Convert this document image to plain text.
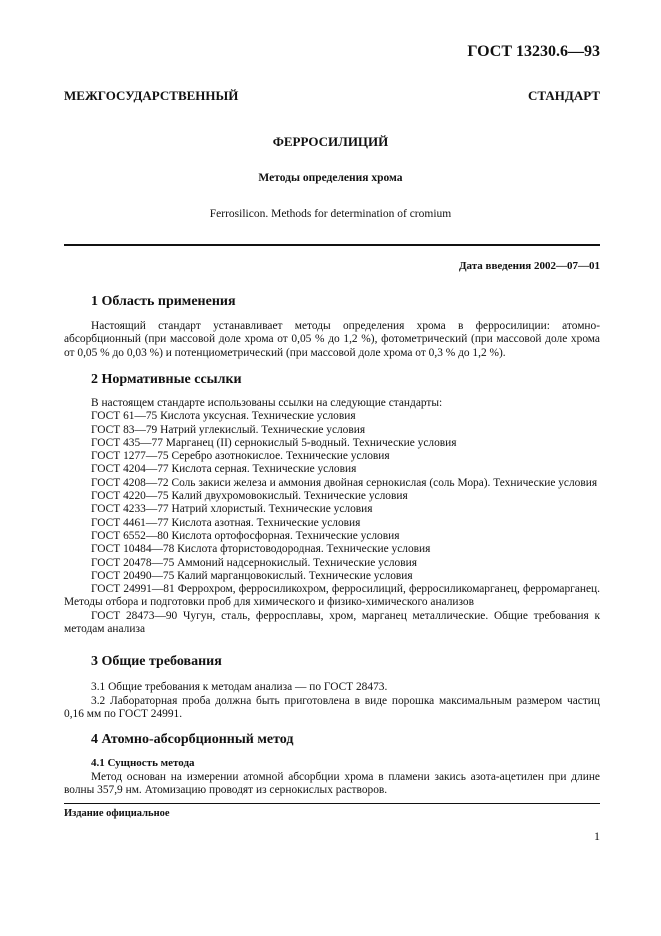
ГОСТ 13230.6—93
МЕЖГОСУДАРСТВЕННЫЙ	СТАНДАРТ
ФЕРРОСИЛИЦИЙ
Методы определения хрома
Ferrosilicon. Methods for determination of cromium
Дата введения 2002—07—01
1 Область применения
Настоящий стандарт устанавливает методы определения хрома в ферросилиции: атомно-абсорбционный (при массовой доле хрома от 0,05 % до 1,2 %), фотометрический (при массовой доле хрома от 0,05 % до 0,03 %) и потенциометрический (при массовой доле хрома от 0,3 % до 1,2 %).
2 Нормативные ссылки
В настоящем стандарте использованы ссылки на следующие стандарты:
ГОСТ 61—75 Кислота уксусная. Технические условия
ГОСТ 83—79 Натрий углекислый. Технические условия
ГОСТ 435—77 Марганец (II) сернокислый 5-водный. Технические условия
ГОСТ 1277—75 Серебро азотнокислое. Технические условия
ГОСТ 4204—77 Кислота серная. Технические условия
ГОСТ 4208—72 Соль закиси железа и аммония двойная сернокислая (соль Мора). Технические условия
ГОСТ 4220—75 Калий двухромовокислый. Технические условия
ГОСТ 4233—77 Натрий хлористый. Технические условия
ГОСТ 4461—77 Кислота азотная. Технические условия
ГОСТ 6552—80 Кислота ортофосфорная. Технические условия
ГОСТ 10484—78 Кислота фтористоводородная. Технические условия
ГОСТ 20478—75 Аммоний надсернокислый. Технические условия
ГОСТ 20490—75 Калий марганцовокислый. Технические условия
ГОСТ 24991—81 Феррохром, ферросиликохром, ферросилиций, ферросиликомарганец, ферромарганец. Методы отбора и подготовки проб для химического и физико-химического анализов
ГОСТ 28473—90 Чугун, сталь, ферросплавы, хром, марганец металлические. Общие требования к методам анализа
3 Общие требования
3.1 Общие требования к методам анализа — по ГОСТ 28473.
3.2 Лабораторная проба должна быть приготовлена в виде порошка максимальным размером частиц 0,16 мм по ГОСТ 24991.
4 Атомно-абсорбционный метод
4.1 Сущность метода
Метод основан на измерении атомной абсорбции хрома в пламени закись азота-ацетилен при длине волны 357,9 нм. Атомизацию проводят из сернокислых растворов.
Издание официальное
1
